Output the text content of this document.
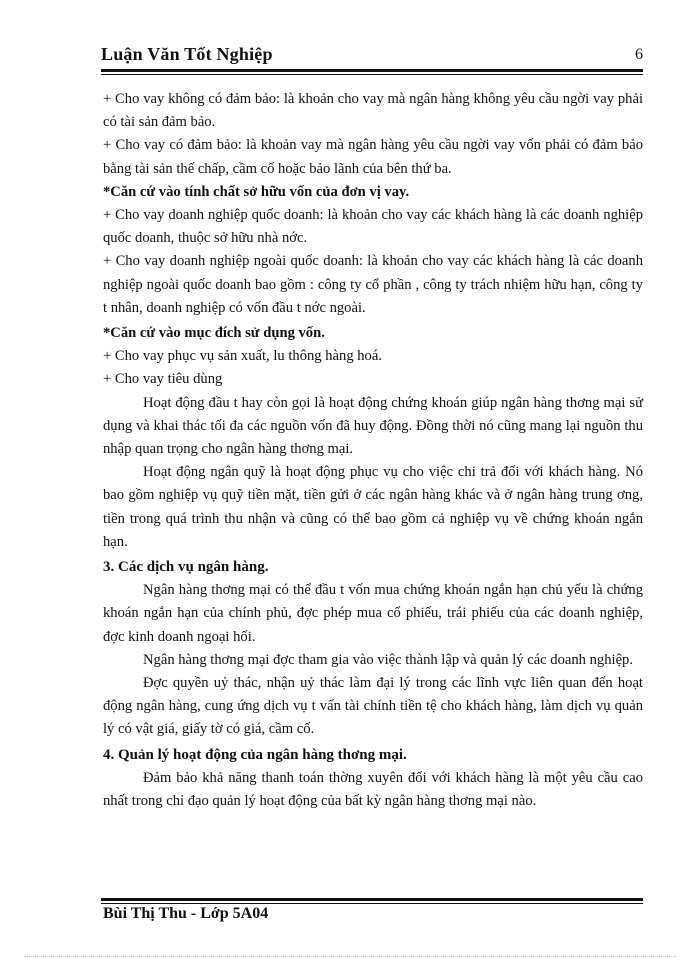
Luận Văn Tốt Nghiệp	6

+ Cho vay không có đảm bảo: là khoản cho vay mà ngân hàng không yêu cầu ngời vay phải có tài sản đảm bảo.

+ Cho vay có đảm bảo: là khoản vay mà ngân hàng yêu cầu ngời vay vốn phải có đảm bảo bằng tài sản thế chấp, cầm cố hoặc bảo lãnh của bên thứ ba.

*Căn cứ vào tính chất sở hữu vốn của đơn vị vay.

+ Cho vay doanh nghiệp quốc doanh: là khoản cho vay các khách hàng là các doanh nghiệp quốc doanh, thuộc sở hữu nhà nớc.

+ Cho vay doanh nghiệp ngoài quốc doanh: là khoản cho vay các khách hàng là các doanh nghiệp ngoài quốc doanh bao gồm : công ty cổ phần , công ty trách nhiệm hữu hạn, công ty t nhân, doanh nghiệp có vốn đầu t nớc ngoài.

*Căn cứ vào mục đích sử dụng vốn.

+ Cho vay phục vụ sản xuất, lu thông hàng hoá.

+ Cho vay tiêu dùng

Hoạt động đầu t hay còn gọi là hoạt động chứng khoán giúp ngân hàng thơng mại sử dụng và khai thác tối đa các nguồn vốn đã huy động. Đồng thời nó cũng mang lại nguồn thu nhập quan trọng cho ngân hàng thơng mại.

Hoạt động ngân quỹ là hoạt động phục vụ cho việc chi trả đối với khách hàng. Nó bao gồm nghiệp vụ quỹ tiền mặt, tiền gửi ở các ngân hàng khác và ở ngân hàng trung ơng, tiền trong quá trình thu nhận và cũng có thể bao gồm cả nghiệp vụ về chứng khoán ngắn hạn.

3. Các dịch vụ ngân hàng.

Ngân hàng thơng mại có thể đầu t vốn mua chứng khoán ngắn hạn chủ yếu là chứng khoán ngắn hạn của chính phủ, đợc phép mua cổ phiếu, trái phiếu của các doanh nghiệp, đợc kinh doanh ngoại hối.

Ngân hàng thơng mại đợc tham gia vào việc thành lập và quản lý các doanh nghiệp.

Đợc quyền uỷ thác, nhận uỷ thác làm đại lý trong các lĩnh vực liên quan đến hoạt động ngân hàng, cung ứng dịch vụ t vấn tài chính tiền tệ cho khách hàng, làm dịch vụ quản lý có vật giá, giấy tờ có giá, cầm cố.

4. Quản lý hoạt động của ngân hàng thơng mại.

Đảm bảo khả năng thanh toán thờng xuyên đối với khách hàng là một yêu cầu cao nhất trong chỉ đạo quản lý hoạt động của bất kỳ ngân hàng thơng mại nào.

Bùi Thị Thu - Lớp 5A04
